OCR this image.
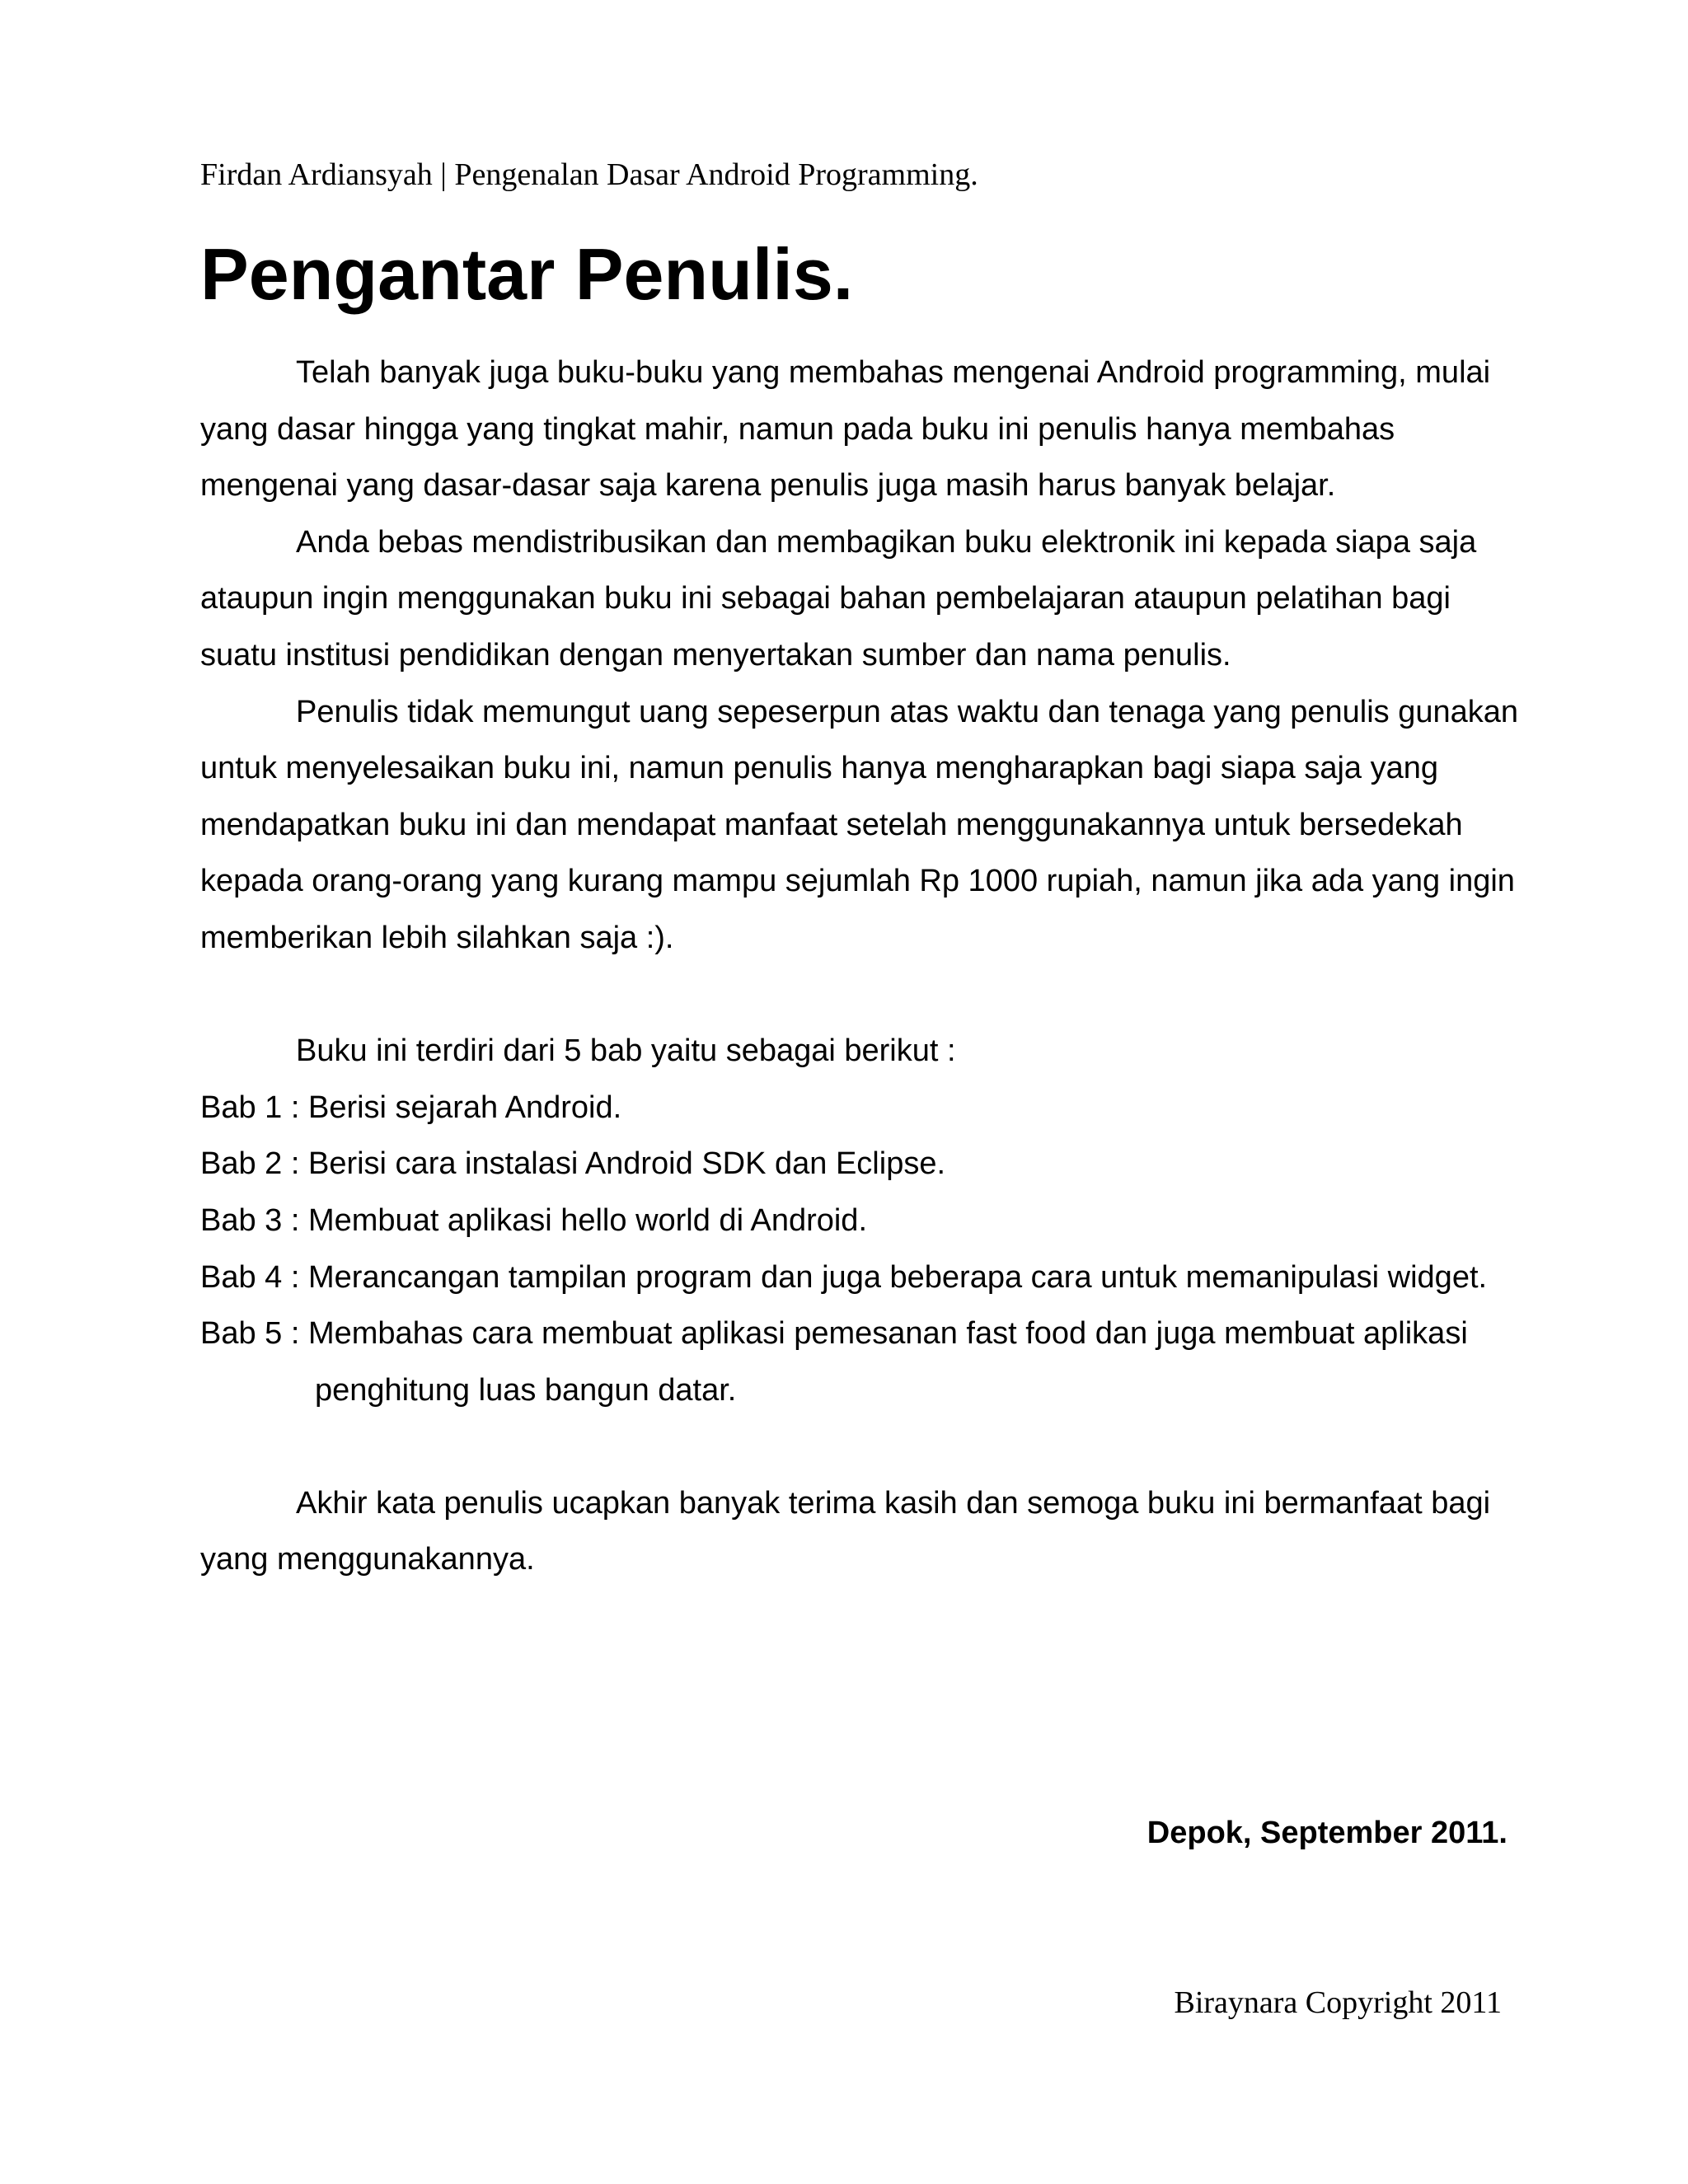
Firdan Ardiansyah | Pengenalan Dasar Android Programming.
Pengantar Penulis.

Telah banyak juga buku-buku yang membahas mengenai Android programming, mulai yang dasar hingga yang tingkat mahir, namun pada buku ini penulis hanya membahas mengenai yang dasar-dasar saja karena penulis juga masih harus banyak belajar.

Anda bebas mendistribusikan dan membagikan buku elektronik ini kepada siapa saja ataupun ingin menggunakan buku ini sebagai bahan pembelajaran ataupun pelatihan bagi suatu institusi pendidikan dengan menyertakan sumber dan nama penulis.

Penulis tidak memungut uang sepeserpun atas waktu dan tenaga yang penulis gunakan untuk menyelesaikan buku ini, namun penulis hanya mengharapkan bagi siapa saja yang mendapatkan buku ini dan mendapat manfaat setelah menggunakannya untuk bersedekah kepada orang-orang yang kurang mampu sejumlah Rp 1000 rupiah, namun jika ada yang ingin memberikan lebih silahkan saja :).

Buku ini terdiri dari 5 bab yaitu sebagai berikut :

Bab 1 : Berisi sejarah Android.
Bab 2 : Berisi cara instalasi Android SDK dan Eclipse.
Bab 3 : Membuat aplikasi hello world di Android.
Bab 4 : Merancangan tampilan program dan juga beberapa cara untuk memanipulasi widget.
Bab 5 : Membahas cara membuat aplikasi pemesanan fast food dan juga membuat aplikasi penghitung luas bangun datar.

Akhir kata penulis ucapkan banyak terima kasih dan semoga buku ini bermanfaat bagi yang menggunakannya.

Depok, September 2011.
Biraynara Copyright 2011
